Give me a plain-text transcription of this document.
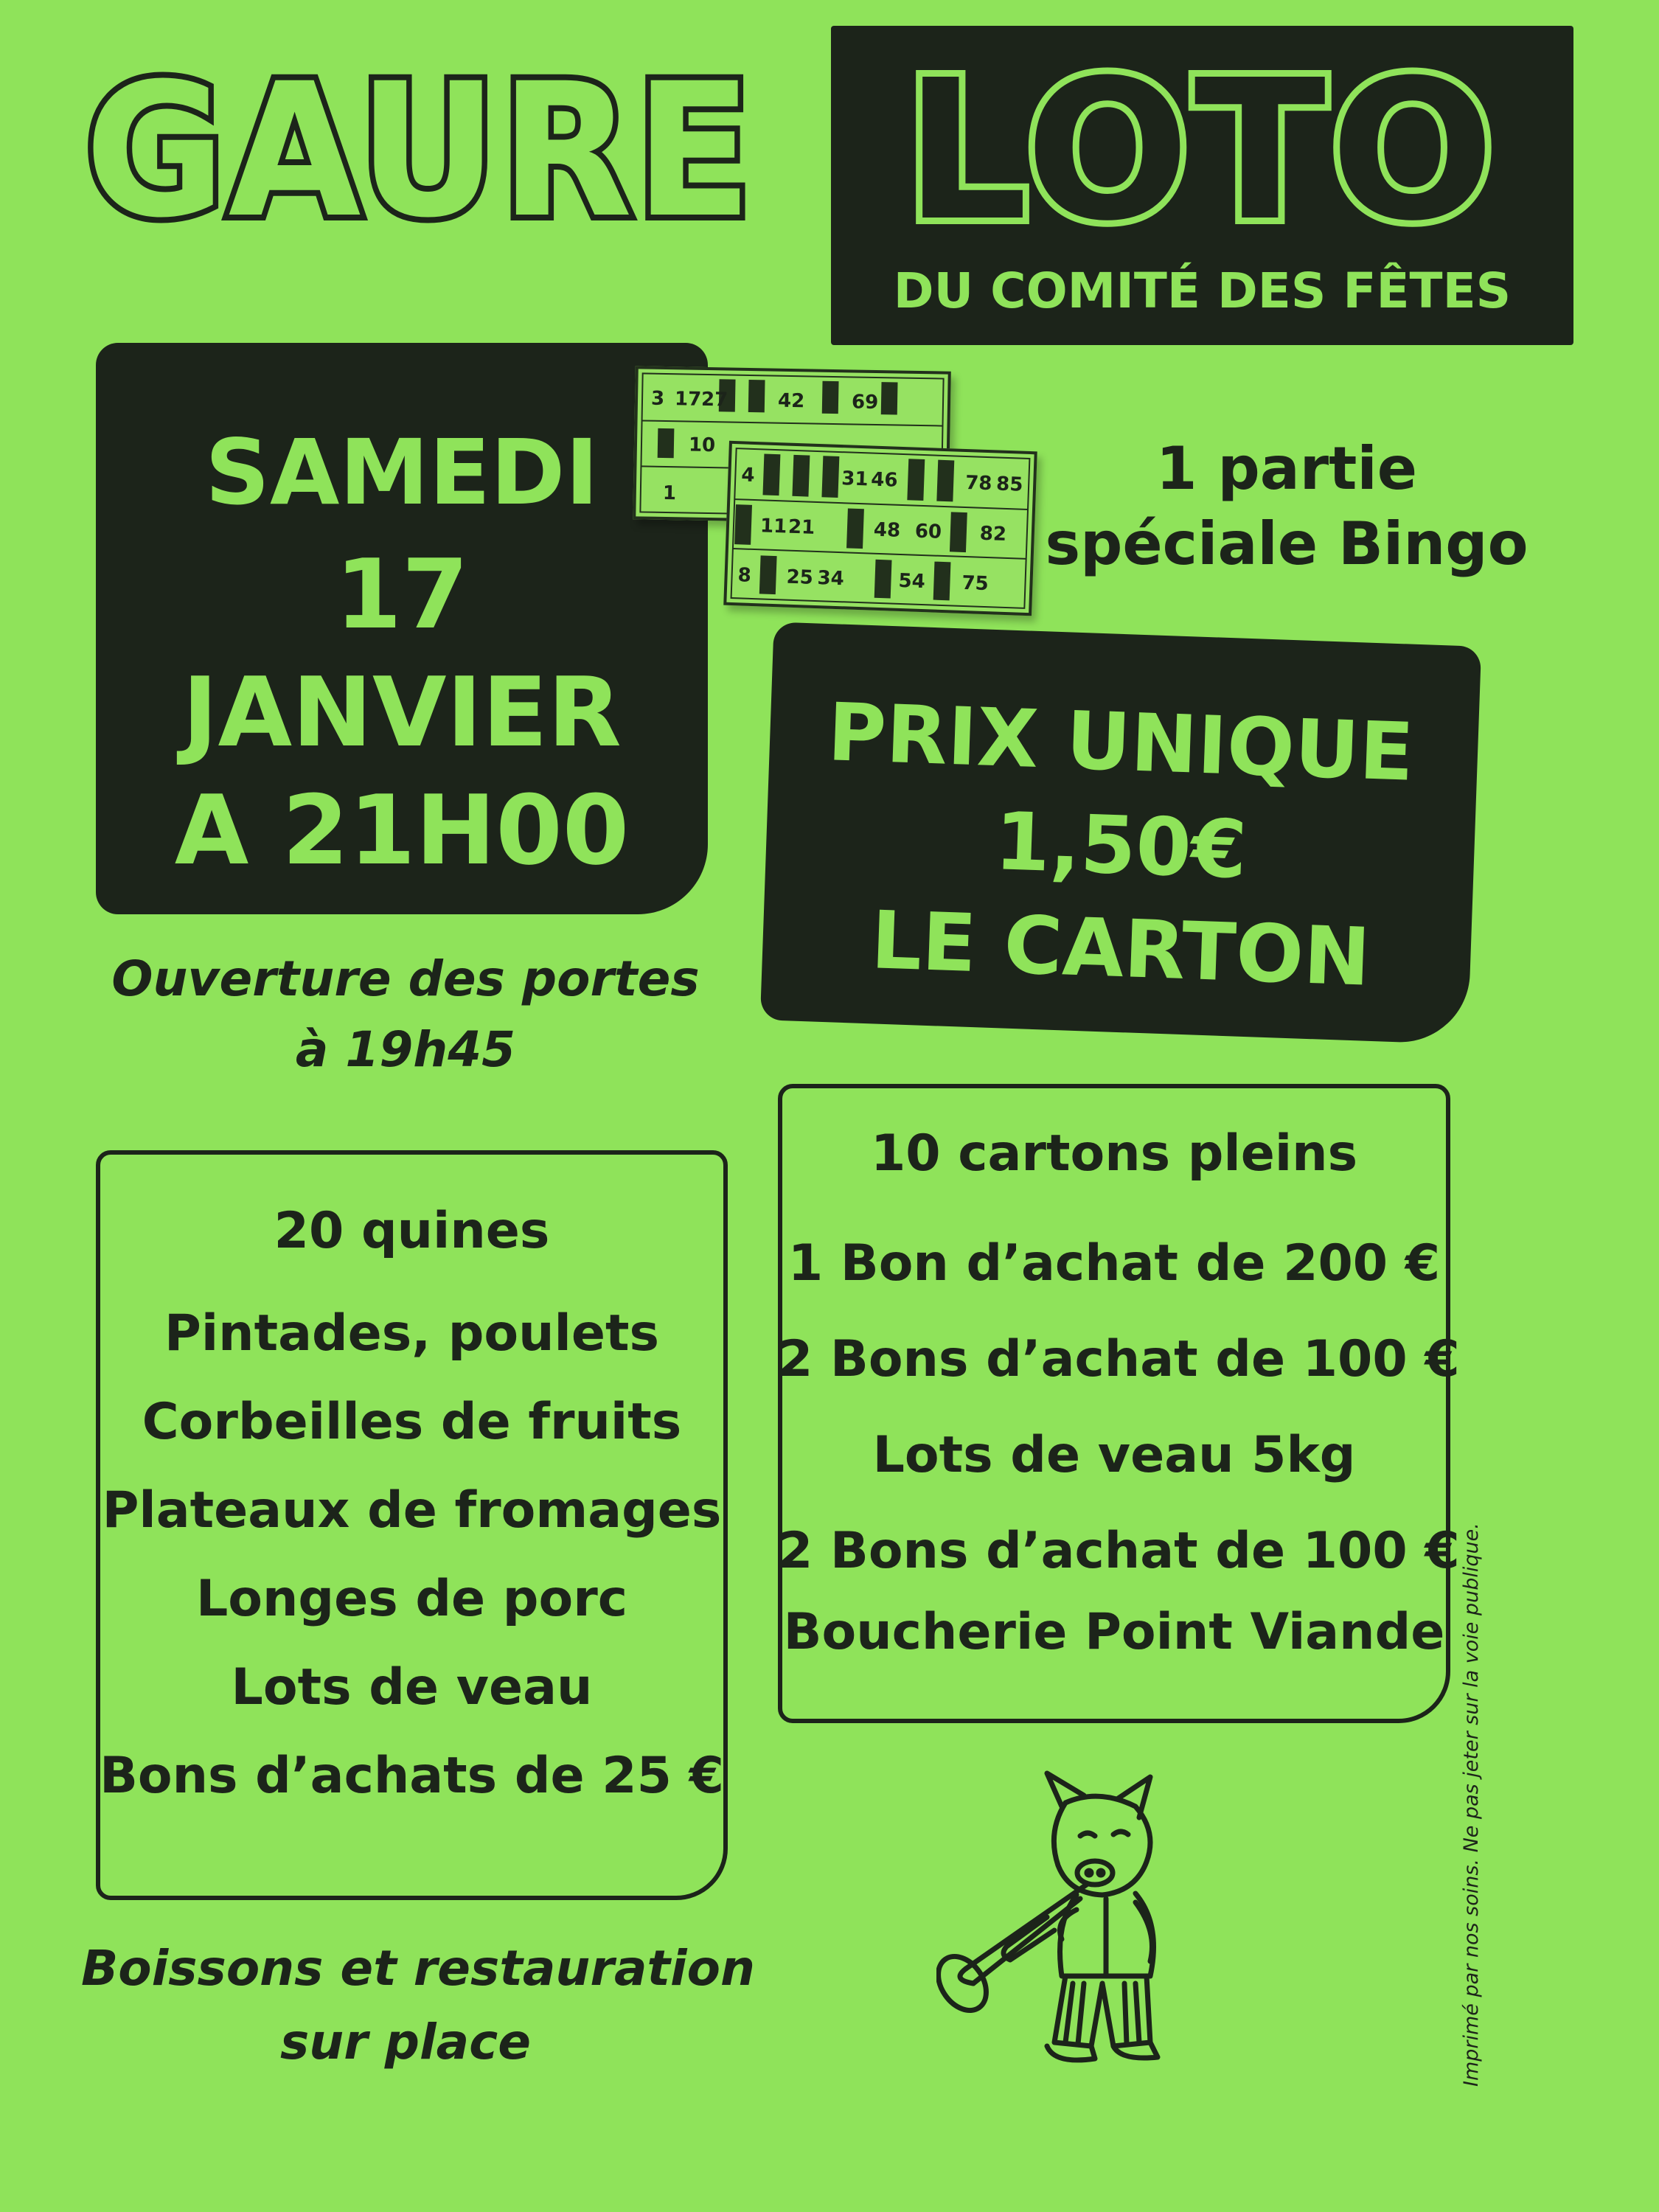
GAURE LOTO
DU COMITÉ DES FÊTES
SAMEDI
17
JANVIER
A 21H00
3 17 27	42 69
10
1
4	31 46	78 85
11 21	48 60 82
8 25 34	54 75
1 partie
spéciale Bingo
PRIX UNIQUE
1,50€
LE CARTON
Ouverture des portes
à 19h45
20 quines
Pintades, poulets
Corbeilles de fruits
Plateaux de fromages
Longes de porc
Lots de veau
Bons d’achats de 25 €
10 cartons pleins
1 Bon d’achat de 200 €
2 Bons d’achat de 100 €
Lots de veau 5kg
2 Bons d’achat de 100 €
Boucherie Point Viande
Boissons et restauration
sur place	Imprimé par nos soins. Ne pas jeter sur la voie publique.
